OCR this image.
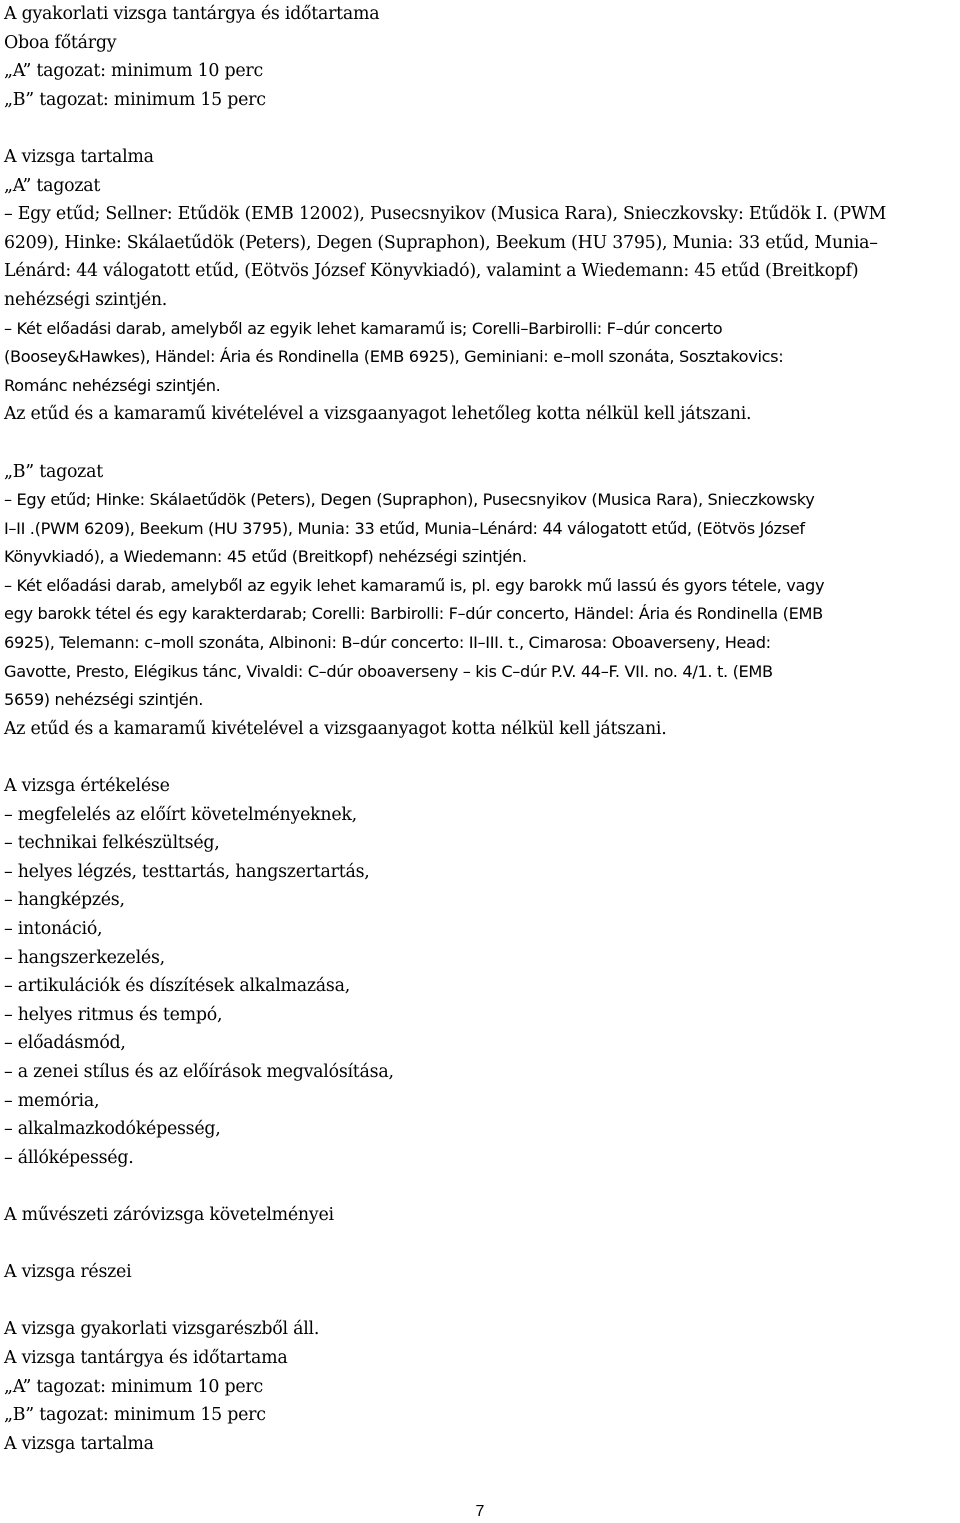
A gyakorlati vizsga tantárgya és időtartama
Oboa főtárgy
„A” tagozat: minimum 10 perc
„B” tagozat: minimum 15 perc
A vizsga tartalma
„A” tagozat
– Egy etűd; Sellner: Etűdök (EMB 12002), Pusecsnyikov (Musica Rara), Snieczkovsky: Etűdök I. (PWM
6209), Hinke: Skálaetűdök (Peters), Degen (Supraphon), Beekum (HU 3795), Munia: 33 etűd, Munia–
Lénárd: 44 válogatott etűd, (Eötvös József Könyvkiadó), valamint a Wiedemann: 45 etűd (Breitkopf)
nehézségi szintjén.
– Két előadási darab, amelyből az egyik lehet kamaramű is; Corelli–Barbirolli: F–dúr concerto
(Boosey&Hawkes), Händel: Ária és Rondinella (EMB 6925), Geminiani: e–moll szonáta, Sosztakovics:
Románc nehézségi szintjén.
Az etűd és a kamaramű kivételével a vizsgaanyagot lehetőleg kotta nélkül kell játszani.
„B” tagozat
– Egy etűd; Hinke: Skálaetűdök (Peters), Degen (Supraphon), Pusecsnyikov (Musica Rara), Snieczkowsky
I–II .(PWM 6209), Beekum (HU 3795), Munia: 33 etűd, Munia–Lénárd: 44 válogatott etűd, (Eötvös József
Könyvkiadó), a Wiedemann: 45 etűd (Breitkopf) nehézségi szintjén.
– Két előadási darab, amelyből az egyik lehet kamaramű is, pl. egy barokk mű lassú és gyors tétele, vagy
egy barokk tétel és egy karakterdarab; Corelli: Barbirolli: F–dúr concerto, Händel: Ária és Rondinella (EMB
6925), Telemann: c–moll szonáta, Albinoni: B–dúr concerto: II–III. t., Cimarosa: Oboaverseny, Head:
Gavotte, Presto, Elégikus tánc, Vivaldi: C–dúr oboaverseny – kis C–dúr P.V. 44–F. VII. no. 4/1. t. (EMB
5659) nehézségi szintjén.
Az etűd és a kamaramű kivételével a vizsgaanyagot kotta nélkül kell játszani.
A vizsga értékelése
– megfelelés az előírt követelményeknek,
– technikai felkészültség,
– helyes légzés, testtartás, hangszertartás,
– hangképzés,
– intonáció,
– hangszerkezelés,
– artikulációk és díszítések alkalmazása,
– helyes ritmus és tempó,
– előadásmód,
– a zenei stílus és az előírások megvalósítása,
– memória,
– alkalmazkodóképesség,
– állóképesség.
A művészeti záróvizsga követelményei
A vizsga részei
A vizsga gyakorlati vizsgarészből áll.
A vizsga tantárgya és időtartama
„A” tagozat: minimum 10 perc
„B” tagozat: minimum 15 perc
A vizsga tartalma
7
